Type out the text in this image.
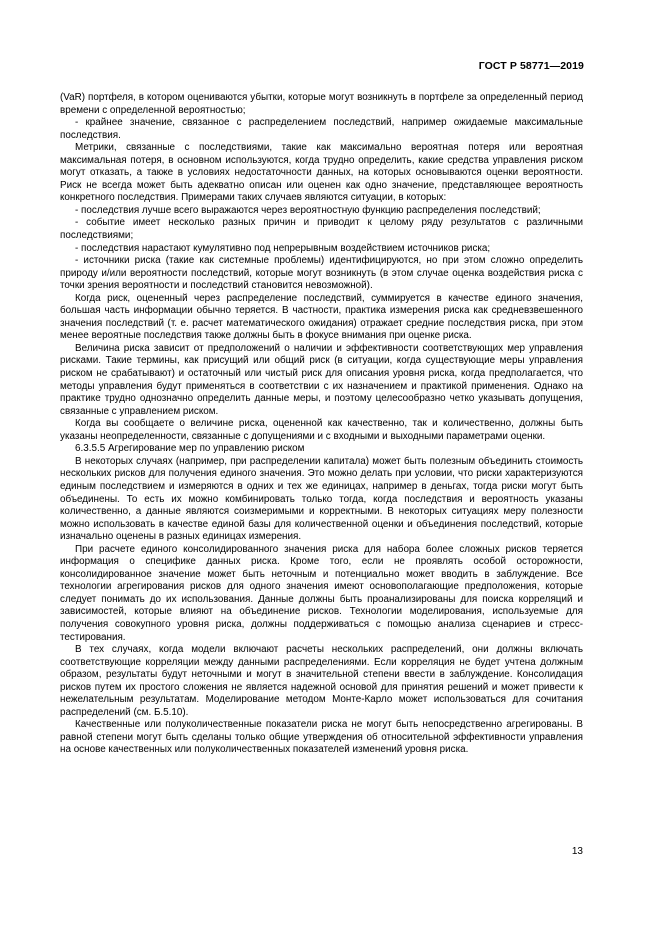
ГОСТ Р 58771—2019

(VaR) портфеля, в котором оцениваются убытки, которые могут возникнуть в портфеле за определенный период времени с определенной вероятностью;

- крайнее значение, связанное с распределением последствий, например ожидаемые максимальные последствия.

Метрики, связанные с последствиями, такие как максимально вероятная потеря или вероятная максимальная потеря, в основном используются, когда трудно определить, какие средства управления риском могут отказать, а также в условиях недостаточности данных, на которых основываются оценки вероятности. Риск не всегда может быть адекватно описан или оценен как одно значение, представляющее вероятность конкретного последствия. Примерами таких случаев являются ситуации, в которых:

- последствия лучше всего выражаются через вероятностную функцию распределения последствий;

- событие имеет несколько разных причин и приводит к целому ряду результатов с различными последствиями;

- последствия нарастают кумулятивно под непрерывным воздействием источников риска;

- источники риска (такие как системные проблемы) идентифицируются, но при этом сложно определить природу и/или вероятности последствий, которые могут возникнуть (в этом случае оценка воздействия риска с точки зрения вероятности и последствий становится невозможной).

Когда риск, оцененный через распределение последствий, суммируется в качестве единого значения, большая часть информации обычно теряется. В частности, практика измерения риска как средневзвешенного значения последствий (т. е. расчет математического ожидания) отражает средние последствия риска, при этом менее вероятные последствия также должны быть в фокусе внимания при оценке риска.

Величина риска зависит от предположений о наличии и эффективности соответствующих мер управления рисками. Такие термины, как присущий или общий риск (в ситуации, когда существующие меры управления риском не срабатывают) и остаточный или чистый риск для описания уровня риска, когда предполагается, что методы управления будут применяться в соответствии с их назначением и практикой применения. Однако на практике трудно однозначно определить данные меры, и поэтому целесообразно четко указывать допущения, связанные с управлением риском.

Когда вы сообщаете о величине риска, оцененной как качественно, так и количественно, должны быть указаны неопределенности, связанные с допущениями и с входными и выходными параметрами оценки.

6.3.5.5 Агрегирование мер по управлению риском

В некоторых случаях (например, при распределении капитала) может быть полезным объединить стоимость нескольких рисков для получения единого значения. Это можно делать при условии, что риски характеризуются единым последствием и измеряются в одних и тех же единицах, например в деньгах, тогда риски могут быть объединены. То есть их можно комбинировать только тогда, когда последствия и вероятность указаны количественно, а данные являются соизмеримыми и корректными. В некоторых ситуациях меру полезности можно использовать в качестве единой базы для количественной оценки и объединения последствий, которые изначально оценены в разных единицах измерения.

При расчете единого консолидированного значения риска для набора более сложных рисков теряется информация о специфике данных риска. Кроме того, если не проявлять особой осторожности, консолидированное значение может быть неточным и потенциально может вводить в заблуждение. Все технологии агрегирования рисков для одного значения имеют основополагающие предположения, которые следует понимать до их использования. Данные должны быть проанализированы для поиска корреляций и зависимостей, которые влияют на объединение рисков. Технологии моделирования, используемые для получения совокупного уровня риска, должны поддерживаться с помощью анализа сценариев и стресс-тестирования.

В тех случаях, когда модели включают расчеты нескольких распределений, они должны включать соответствующие корреляции между данными распределениями. Если корреляция не будет учтена должным образом, результаты будут неточными и могут в значительной степени ввести в заблуждение. Консолидация рисков путем их простого сложения не является надежной основой для принятия решений и может привести к нежелательным результатам. Моделирование методом Монте-Карло может использоваться для сочитания распределений (см. Б.5.10).

Качественные или полуколичественные показатели риска не могут быть непосредственно агрегированы. В равной степени могут быть сделаны только общие утверждения об относительной эффективности управления на основе качественных или полуколичественных показателей изменений уровня риска.

13
